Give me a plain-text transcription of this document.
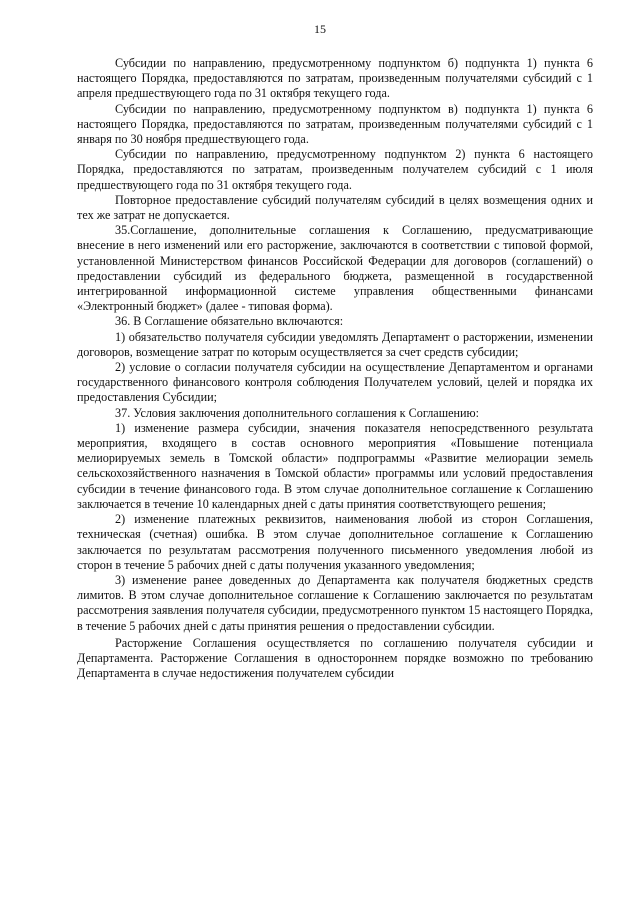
15

Субсидии по направлению, предусмотренному подпунктом б) подпункта 1) пункта 6 настоящего Порядка, предоставляются по затратам, произведенным получателями субсидий с 1 апреля предшествующего года по 31 октября текущего года.

Субсидии по направлению, предусмотренному подпунктом в) подпункта 1) пункта 6 настоящего Порядка, предоставляются по затратам, произведенным получателями субсидий с 1 января по 30 ноября предшествующего года.

Субсидии по направлению, предусмотренному подпунктом 2) пункта 6 настоящего Порядка, предоставляются по затратам, произведенным получателем субсидий с 1 июля предшествующего года по 31 октября текущего года.

Повторное предоставление субсидий получателям субсидий в целях возмещения одних и тех же затрат не допускается.

35.Соглашение, дополнительные соглашения к Соглашению, предусматривающие внесение в него изменений или его расторжение, заключаются в соответствии с типовой формой, установленной Министерством финансов Российской Федерации для договоров (соглашений) о предоставлении субсидий из федерального бюджета, размещенной в государственной интегрированной информационной системе управления общественными финансами «Электронный бюджет» (далее - типовая форма).

36. В Соглашение обязательно включаются:

1) обязательство получателя субсидии уведомлять Департамент о расторжении, изменении договоров, возмещение затрат по которым осуществляется за счет средств субсидии;

2) условие о согласии получателя субсидии на осуществление Департаментом и органами государственного финансового контроля соблюдения Получателем условий, целей и порядка их предоставления Субсидии;

37. Условия заключения дополнительного соглашения к Соглашению:

1) изменение размера субсидии, значения показателя непосредственного результата мероприятия, входящего в состав основного мероприятия «Повышение потенциала мелиорируемых земель в Томской области» подпрограммы «Развитие мелиорации земель сельскохозяйственного назначения в Томской области» программы или условий предоставления субсидии в течение финансового года. В этом случае дополнительное соглашение к Соглашению заключается в течение 10 календарных дней с даты принятия соответствующего решения;

2) изменение платежных реквизитов, наименования любой из сторон Соглашения, техническая (счетная) ошибка. В этом случае дополнительное соглашение к Соглашению заключается по результатам рассмотрения полученного письменного уведомления любой из сторон в течение 5 рабочих дней с даты получения указанного уведомления;

3) изменение ранее доведенных до Департамента как получателя бюджетных средств лимитов. В этом случае дополнительное соглашение к Соглашению заключается по результатам рассмотрения заявления получателя субсидии, предусмотренного пунктом 15 настоящего Порядка, в течение 5 рабочих дней с даты принятия решения о предоставлении субсидии.

Расторжение Соглашения осуществляется по соглашению получателя субсидии и Департамента. Расторжение Соглашения в одностороннем порядке возможно по требованию Департамента в случае недостижения получателем субсидии
